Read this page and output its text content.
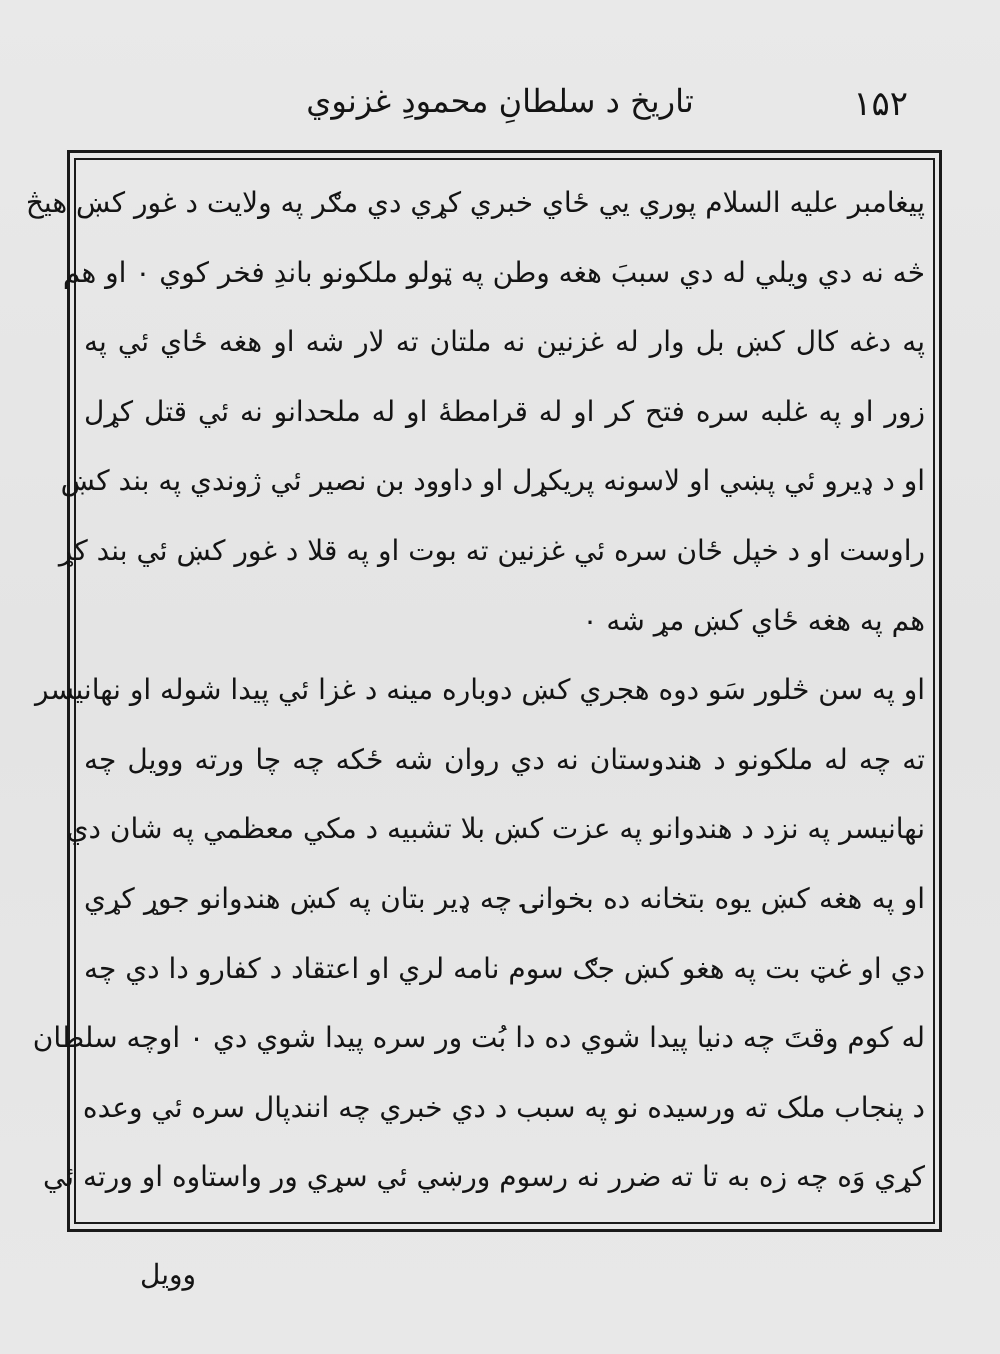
تاريخ د سلطانِ محمودِ غزنوي	۱۵۲
پيغامبر عليه السلام پوري يي ځاي خبري کړي دي مګر په ولايت د غور کښ هيڅ
څه نه دي ويلي له دي سببَ هغه وطن په ټولو ملکونو باندِ فخر کوي ۰ او هم
په دغه کال کښ بل وار له غزنين نه ملتان ته لار شه او هغه ځاي ئي په
زور او په غلبه سره فتح کر او له قرامطهٔ او له ملحدانو نه ئي قتل کړل
او د ډيرو ئي پښي او لاسونه پريکړل او داوود بن نصير ئي ژوندي په بند کښ
راوست او د خپل ځان سره ئي غزنين ته بوت او په قلا د غور کښ ئي بند کړ
هم په هغه ځاي کښ مړ شه ۰
او په سن څلور سَو دوه هجري کښ دوباره مينه د غزا ئي پيدا شوله او نهانيسر
ته چه له ملکونو د هندوستان نه دي روان شه ځکه چه چا ورته وويل چه
نهانيسر په نزد د هندوانو په عزت کښ بلا تشبيه د مکي معظمي په شان دي
او په هغه کښ يوه بتخانه ده بخوانۍ چه ډير بتان په کښ هندوانو جوړ کړي
دي او غټ بت په هغو کښ جګ سوم نامه لري او اعتقاد د کفارو دا دي چه
له کوم وقتَ چه دنيا پيدا شوي ده دا بُت ور سره پيدا شوي دي ۰ اوچه سلطان
د پنجاب ملک ته ورسيده نو په سبب د دي خبري چه انندپال سره ئي وعده
کړي وَه چه زه به تا ته ضرر نه رسوم ورښي ئي سړي ور واستاوه او ورته ئي
وويل
